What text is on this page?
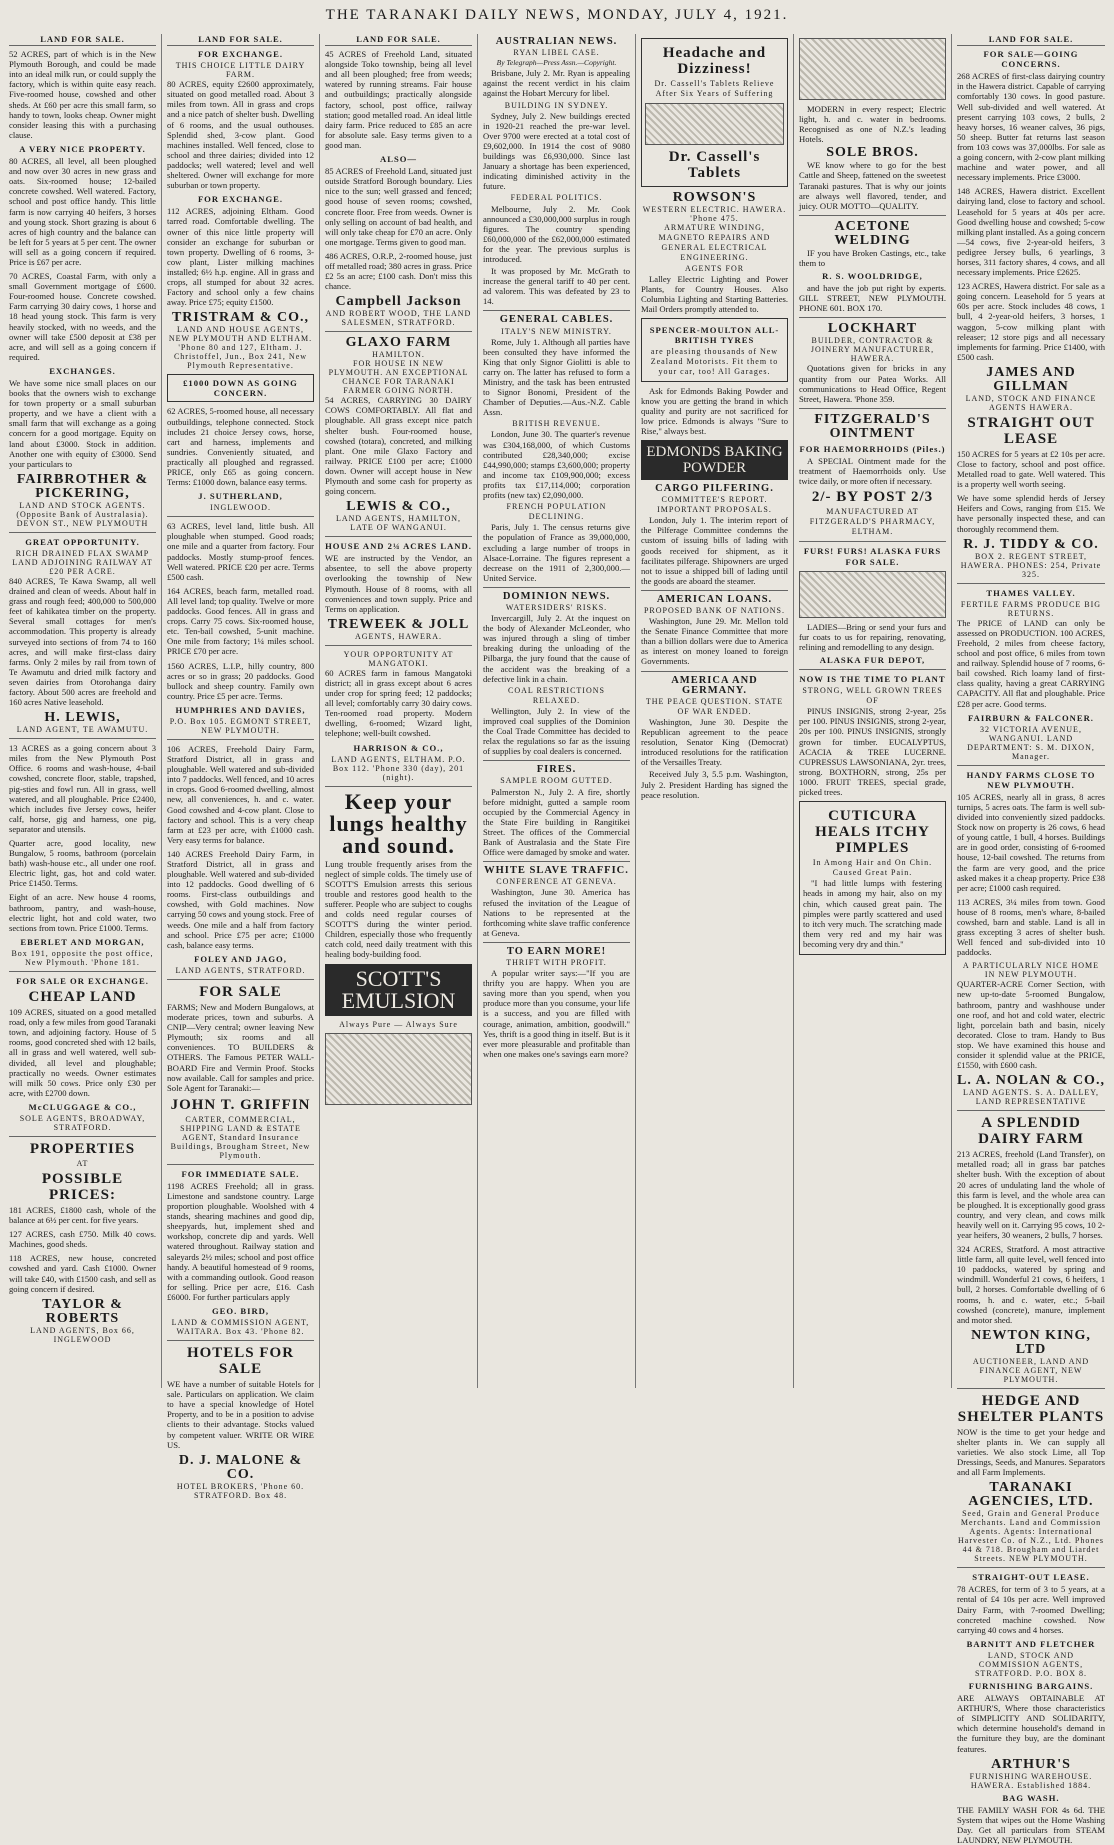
THE TARANAKI DAILY NEWS, MONDAY, JULY 4, 1921.
LAND FOR SALE.
52 ACRES, part of which is in the New Plymouth Borough, and could be made into an ideal milk run, or could supply the factory, which is within quite easy reach. Five-roomed house, cowshed and other sheds. At £60 per acre this small farm, so handy to town, looks cheap. Owner might consider leasing this with a purchasing clause.
A VERY NICE PROPERTY.
80 ACRES, all level, all been ploughed and now over 30 acres in new grass and oats. Six-roomed house; 12-bailed concrete cowshed. Well watered. Factory, school and post office handy. This little farm is now carrying 40 heifers, 3 horses and young stock. Short grazing is about 6 acres of high country and the balance can be left for 5 years at 5 per cent. The owner will sell as a going concern if required. Price is £67 per acre.
70 ACRES, Coastal Farm, with only a small Government mortgage of £600. Four-roomed house. Concrete cowshed. Farm carrying 30 dairy cows, 1 horse and 18 head young stock. This farm is very heavily stocked, with no weeds, and the owner will take £500 deposit at £38 per acre, and will sell as a going concern if required.
EXCHANGES.
We have some nice small places on our books that the owners wish to exchange for town property or a small suburban property, and we have a client with a small farm that will exchange as a going concern for a good mortgage. Equity on land about £3000. Stock in addition. Another one with equity of £3000. Send your particulars to
FAIRBROTHER & PICKERING,
LAND AND STOCK AGENTS. (Opposite Bank of Australasia). DEVON ST., NEW PLYMOUTH
GREAT OPPORTUNITY.
RICH DRAINED FLAX SWAMP LAND ADJOINING RAILWAY AT £20 PER ACRE.
840 ACRES, Te Kawa Swamp, all well drained and clean of weeds. About half in grass and rough feed; 400,000 to 500,000 feet of kahikatea timber on the property. Several small cottages for men's accommodation. This property is already surveyed into sections of from 74 to 160 acres, and will make first-class dairy farms. Only 2 miles by rail from town of Te Awamutu and dried milk factory and seven dairies from Otorohanga dairy factory. About 500 acres are freehold and 160 acres Native leasehold.
H. LEWIS,
LAND AGENT, TE AWAMUTU.
13 ACRES as a going concern about 3 miles from the New Plymouth Post Office. 6 rooms and wash-house, 4-bail cowshed, concrete floor, stable, trapshed, pig-sties and fowl run. All in grass, well watered, and all ploughable. Price £2400, which includes five Jersey cows, heifer calf, horse, gig and harness, one pig, separator and utensils.
Quarter acre, good locality, new Bungalow, 5 rooms, bathroom (porcelain bath) wash-house etc., all under one roof. Electric light, gas, hot and cold water. Price £1450. Terms.
Eight of an acre. New house 4 rooms, bathroom, pantry, and wash-house, electric light, hot and cold water, two sections from town. Price £1000. Terms.
EBERLET AND MORGAN,
Box 191, opposite the post office, New Plymouth. 'Phone 181.
FOR SALE OR EXCHANGE.
CHEAP LAND
109 ACRES, situated on a good metalled road, only a few miles from good Taranaki town, and adjoining factory. House of 5 rooms, good concreted shed with 12 bails, all in grass and well watered, well sub-divided, all level and ploughable; practically no weeds. Owner estimates will milk 50 cows. Price only £30 per acre, with £2700 down.
McCLUGGAGE & CO.,
SOLE AGENTS, BROADWAY, STRATFORD.
PROPERTIES
AT
POSSIBLE PRICES:
181 ACRES, £1800 cash, whole of the balance at 6½ per cent. for five years.
127 ACRES, cash £750. Milk 40 cows. Machines, good sheds.
118 ACRES, new house, concreted cowshed and yard. Cash £1000. Owner will take £40, with £1500 cash, and sell as going concern if desired.
TAYLOR & ROBERTS
LAND AGENTS, Box 66, INGLEWOOD
LAND FOR SALE.
FOR EXCHANGE.
THIS CHOICE LITTLE DAIRY FARM.
80 ACRES, equity £2600 approximately, situated on good metalled road. About 3 miles from town. All in grass and crops and a nice patch of shelter bush. Dwelling of 6 rooms, and the usual outhouses. Splendid shed, 3-cow plant. Good machines installed. Well fenced, close to school and three dairies; divided into 12 paddocks; well watered; level and well sheltered. Owner will exchange for more suburban or town property.
FOR EXCHANGE.
112 ACRES, adjoining Eltham. Good tarred road. Comfortable dwelling. The owner of this nice little property will consider an exchange for suburban or town property. Dwelling of 6 rooms, 3-cow plant, Lister milking machines installed; 6½ h.p. engine. All in grass and crops, all stumped for about 32 acres. Factory and school only a few chains away. Price £75; equity £1500.
TRISTRAM & CO.,
LAND AND HOUSE AGENTS, NEW PLYMOUTH AND ELTHAM. 'Phone 80 and 127, Eltham. J. Christoffel, Jun., Box 241, New Plymouth Representative.
£1000 DOWN AS GOING CONCERN.
62 ACRES, 5-roomed house, all necessary outbuildings, telephone connected. Stock includes 21 choice Jersey cows, horse, cart and harness, implements and sundries. Conveniently situated, and practically all ploughed and regrassed. PRICE, only £65 as going concern. Terms: £1000 down, balance easy terms.
J. SUTHERLAND,
INGLEWOOD.
63 ACRES, level land, little bush. All ploughable when stumped. Good roads; one mile and a quarter from factory. Four paddocks. Mostly stump-proof fences. Well watered. PRICE £20 per acre. Terms £500 cash.
164 ACRES, beach farm, metalled road. All level land; top quality. Twelve or more paddocks. Good fences. All in grass and crops. Carry 75 cows. Six-roomed house, etc. Ten-bail cowshed, 5-unit machine. One mile from factory; 1¼ miles school. PRICE £70 per acre.
1560 ACRES, L.I.P., hilly country, 800 acres or so in grass; 20 paddocks. Good bullock and sheep country. Family own country. Price £5 per acre. Terms.
HUMPHRIES AND DAVIES,
P.O. Box 105. EGMONT STREET, NEW PLYMOUTH.
106 ACRES, Freehold Dairy Farm, Stratford District, all in grass and ploughable. Well watered and sub-divided into 7 paddocks. Well fenced, and 10 acres in crops. Good 6-roomed dwelling, almost new, all conveniences, h. and c. water. Good cowshed and 4-cow plant. Close to factory and school. This is a very cheap farm at £23 per acre, with £1000 cash. Very easy terms for balance.
140 ACRES Freehold Dairy Farm, in Stratford District, all in grass and ploughable. Well watered and sub-divided into 12 paddocks. Good dwelling of 6 rooms. First-class outbuildings and cowshed, with Gold machines. Now carrying 50 cows and young stock. Free of weeds. One mile and a half from factory and school. Price £75 per acre; £1000 cash, balance easy terms.
FOLEY AND JAGO,
LAND AGENTS, STRATFORD.
FOR SALE
FARMS; New and Modern Bungalows, at moderate prices, town and suburbs. A CNIP—Very central; owner leaving New Plymouth; six rooms and all conveniences. TO BUILDERS & OTHERS. The Famous PETER WALL-BOARD Fire and Vermin Proof. Stocks now available. Call for samples and price. Sole Agent for Taranaki:—
JOHN T. GRIFFIN
CARTER, COMMERCIAL, SHIPPING LAND & ESTATE AGENT, Standard Insurance Buildings, Brougham Street, New Plymouth.
FOR IMMEDIATE SALE.
1198 ACRES Freehold; all in grass. Limestone and sandstone country. Large proportion ploughable. Woolshed with 4 stands, shearing machines and good dip, sheepyards, hut, implement shed and workshop, concrete dip and yards. Well watered throughout. Railway station and saleyards 2½ miles; school and post office handy. A beautiful homestead of 9 rooms, with a commanding outlook. Good reason for selling. Price per acre, £16. Cash £6000. For further particulars apply
GEO. BIRD,
LAND & COMMISSION AGENT, WAITARA. Box 43. 'Phone 82.
HOTELS FOR SALE
WE have a number of suitable Hotels for sale. Particulars on application. We claim to have a special knowledge of Hotel Property, and to be in a position to advise clients to their advantage. Stocks valued by competent valuer. WRITE OR WIRE US.
D. J. MALONE & CO.
HOTEL BROKERS, 'Phone 60. STRATFORD. Box 48.
LAND FOR SALE.
45 ACRES of Freehold Land, situated alongside Toko township, being all level and all been ploughed; free from weeds; watered by running streams. Fair house and outbuildings; practically alongside factory, school, post office, railway station; good metalled road. An ideal little dairy farm. Price reduced to £85 an acre for absolute sale. Easy terms given to a good man.
ALSO—
85 ACRES of Freehold Land, situated just outside Stratford Borough boundary. Lies nice to the sun; well grassed and fenced; good house of seven rooms; cowshed, concrete floor. Free from weeds. Owner is only selling on account of bad health, and will only take cheap for £70 an acre. Only one mortgage. Terms given to good man.
486 ACRES, O.R.P., 2-roomed house, just off metalled road; 380 acres in grass. Price £2 5s an acre; £100 cash. Don't miss this chance.
Campbell Jackson
AND ROBERT WOOD, THE LAND SALESMEN, STRATFORD.
GLAXO FARM
HAMILTON.
FOR HOUSE IN NEW PLYMOUTH. AN EXCEPTIONAL CHANCE FOR TARANAKI FARMER GOING NORTH.
54 ACRES, CARRYING 30 DAIRY COWS COMFORTABLY. All flat and ploughable. All grass except nice patch shelter bush. Four-roomed house, cowshed (totara), concreted, and milking plant. One mile Glaxo Factory and railway. PRICE £100 per acre; £1000 down. Owner will accept house in New Plymouth and some cash for property as going concern.
LEWIS & CO.,
LAND AGENTS, HAMILTON, LATE OF WANGANUI.
HOUSE AND 2¼ ACRES LAND.
WE are instructed by the Vendor, an absentee, to sell the above property overlooking the township of New Plymouth. House of 8 rooms, with all conveniences and town supply. Price and Terms on application.
TREWEEK & JOLL
AGENTS, HAWERA.
YOUR OPPORTUNITY AT MANGATOKI.
60 ACRES farm in famous Mangatoki district; all in grass except about 6 acres under crop for spring feed; 12 paddocks; all level; comfortably carry 30 dairy cows. Ten-roomed road property. Modern dwelling, 6-roomed; Wizard light, telephone; well-built cowshed.
HARRISON & CO.,
LAND AGENTS, ELTHAM. P.O. Box 112. 'Phone 330 (day), 201 (night).
Keep your lungs healthy and sound.
Lung trouble frequently arises from the neglect of simple colds. The timely use of SCOTT'S Emulsion arrests this serious trouble and restores good health to the sufferer. People who are subject to coughs and colds need regular courses of SCOTT'S during the winter period. Children, especially those who frequently catch cold, need daily treatment with this healing body-building food.
SCOTT'S EMULSION
Always Pure — Always Sure
AUSTRALIAN NEWS.
RYAN LIBEL CASE.
By Telegraph—Press Assn.—Copyright.

Brisbane, July 2. Mr. Ryan is appealing against the recent verdict in his claim against the Hobart Mercury for libel.

BUILDING IN SYDNEY.

Sydney, July 2. New buildings erected in 1920-21 reached the pre-war level. Over 9700 were erected at a total cost of £9,602,000. In 1914 the cost of 9080 buildings was £6,930,000. Since last January a shortage has been experienced, indicating diminished activity in the future.

FEDERAL POLITICS.

Melbourne, July 2. Mr. Cook announced a £30,000,000 surplus in rough figures. The country spending £60,000,000 of the £62,000,000 estimated for the year. The previous surplus is introduced.

It was proposed by Mr. McGrath to increase the general tariff to 40 per cent. ad valorem. This was defeated by 23 to 14.

GENERAL CABLES.
ITALY'S NEW MINISTRY.

Rome, July 1. Although all parties have been consulted they have informed the King that only Signor Giolitti is able to carry on. The latter has refused to form a Ministry, and the task has been entrusted to Signor Bonomi, President of the Chamber of Deputies.—Aus.-N.Z. Cable Assn.

BRITISH REVENUE.

London, June 30. The quarter's revenue was £304,168,000, of which Customs contributed £28,340,000; excise £44,990,000; stamps £3,600,000; property and income tax £109,900,000; excess profits tax £17,114,000; corporation profits (new tax) £2,090,000.

FRENCH POPULATION DECLINING.

Paris, July 1. The census returns give the population of France as 39,000,000, excluding a large number of troops in Alsace-Lorraine. The figures represent a decrease on the 1911 of 2,300,000.—United Service.

DOMINION NEWS.
WATERSIDERS' RISKS.

Invercargill, July 2. At the inquest on the body of Alexander McLeonder, who was injured through a sling of timber breaking during the unloading of the Pilbarga, the jury found that the cause of the accident was the breaking of a defective link in a chain.

COAL RESTRICTIONS RELAXED.

Wellington, July 2. In view of the improved coal supplies of the Dominion the Coal Trade Committee has decided to relax the regulations so far as the issuing of supplies by coal dealers is concerned.

FIRES.
SAMPLE ROOM GUTTED.

Palmerston N., July 2. A fire, shortly before midnight, gutted a sample room occupied by the Commercial Agency in the State Fire building in Rangitikei Street. The offices of the Commercial Bank of Australasia and the State Fire Office were damaged by smoke and water.

WHITE SLAVE TRAFFIC.
CONFERENCE AT GENEVA.

Washington, June 30. America has refused the invitation of the League of Nations to be represented at the forthcoming white slave traffic conference at Geneva.

TO EARN MORE!
THRIFT WITH PROFIT.

A popular writer says:—"If you are thrifty you are happy. When you are saving more than you spend, when you produce more than you consume, your life is a success, and you are filled with courage, animation, ambition, goodwill." Yes, thrift is a good thing in itself. But is it ever more pleasurable and profitable than when one makes one's savings earn more?

Headache and Dizziness!
Dr. Cassell's Tablets Relieve After Six Years of Suffering
Dr. Cassell's Tablets
ROWSON'S
WESTERN ELECTRIC. HAWERA. 'Phone 475.
ARMATURE WINDING, MAGNETO REPAIRS AND GENERAL ELECTRICAL ENGINEERING.
AGENTS FOR

Lalley Electric Lighting and Power Plants, for Country Houses. Also Columbia Lighting and Starting Batteries. Mail Orders promptly attended to.

SPENCER-MOULTON ALL-BRITISH TYRES
are pleasing thousands of New Zealand Motorists. Fit them to your car, too! All Garages.

Ask for Edmonds Baking Powder and know you are getting the brand in which quality and purity are not sacrificed for low price. Edmonds is always "Sure to Rise," always best.

EDMONDS BAKING POWDER
CARGO PILFERING.
COMMITTEE'S REPORT. IMPORTANT PROPOSALS.

London, July 1. The interim report of the Pilferage Committee condemns the custom of issuing bills of lading with goods received for shipment, as it facilitates pilferage. Shipowners are urged not to issue a shipped bill of lading until the goods are aboard the steamer.

AMERICAN LOANS.
PROPOSED BANK OF NATIONS.

Washington, June 29. Mr. Mellon told the Senate Finance Committee that more than a billion dollars were due to America as interest on money loaned to foreign Governments.

AMERICA AND GERMANY.
THE PEACE QUESTION. STATE OF WAR ENDED.

Washington, June 30. Despite the Republican agreement to the peace resolution, Senator King (Democrat) introduced resolutions for the ratification of the Versailles Treaty.

Received July 3, 5.5 p.m. Washington, July 2. President Harding has signed the peace resolution.

MODERN in every respect; Electric light, h. and c. water in bedrooms. Recognised as one of N.Z.'s leading Hotels.

SOLE BROS.

WE know where to go for the best Cattle and Sheep, fattened on the sweetest Taranaki pastures. That is why our joints are always well flavored, tender, and juicy. OUR MOTTO—QUALITY.

ACETONE WELDING

IF you have Broken Castings, etc., take them to

R. S. WOOLDRIDGE,

and have the job put right by experts. GILL STREET, NEW PLYMOUTH. PHONE 601. BOX 170.

LOCKHART
BUILDER, CONTRACTOR & JOINERY MANUFACTURER, HAWERA.

Quotations given for bricks in any quantity from our Patea Works. All communications to Head Office, Regent Street, Hawera. 'Phone 359.

FITZGERALD'S OINTMENT
FOR HAEMORRHOIDS (Piles.)

A SPECIAL Ointment made for the treatment of Haemorrhoids only. Use twice daily, or more often if necessary.

2/- BY POST 2/3
MANUFACTURED AT FITZGERALD'S PHARMACY, ELTHAM.
FURS! FURS! ALASKA FURS FOR SALE.

LADIES—Bring or send your furs and fur coats to us for repairing, renovating, relining and remodelling to any design.

ALASKA FUR DEPOT,
NOW IS THE TIME TO PLANT
STRONG, WELL GROWN TREES OF

PINUS INSIGNIS, strong 2-year, 25s per 100. PINUS INSIGNIS, strong 2-year, 20s per 100. PINUS INSIGNIS, strongly grown for timber. EUCALYPTUS, ACACIA & TREE LUCERNE. CUPRESSUS LAWSONIANA, 2yr. trees, strong. BOXTHORN, strong, 25s per 1000. FRUIT TREES, special grade, picked trees.

CUTICURA HEALS ITCHY PIMPLES
In Among Hair and On Chin. Caused Great Pain.

"I had little lumps with festering heads in among my hair, also on my chin, which caused great pain. The pimples were partly scattered and used to itch very much. The scratching made them very red and my hair was becoming very dry and thin."

LAND FOR SALE.
FOR SALE—GOING CONCERNS.
268 ACRES of first-class dairying country in the Hawera district. Capable of carrying comfortably 130 cows. In good pasture. Well sub-divided and well watered. At present carrying 103 cows, 2 bulls, 2 heavy horses, 16 weaner calves, 36 pigs, 50 sheep. Butter fat returns last season from 103 cows was 37,000lbs. For sale as a going concern, with 2-cow plant milking machine and water power, and all necessary implements. Price £3000.
148 ACRES, Hawera district. Excellent dairying land, close to factory and school. Leasehold for 5 years at 40s per acre. Good dwelling house and cowshed; 5-cow milking plant installed. As a going concern—54 cows, five 2-year-old heifers, 3 pedigree Jersey bulls, 6 yearlings, 3 horses, 311 factory shares, 4 cows, and all necessary implements. Price £2625.
123 ACRES, Hawera district. For sale as a going concern. Leasehold for 5 years at 60s per acre. Stock includes 48 cows, 1 bull, 4 2-year-old heifers, 3 horses, 1 waggon, 5-cow milking plant with releaser; 12 store pigs and all necessary implements for farming. Price £1400, with £500 cash.
JAMES AND GILLMAN
LAND, STOCK AND FINANCE AGENTS HAWERA.
STRAIGHT OUT LEASE
150 ACRES for 5 years at £2 10s per acre. Close to factory, school and post office. Metalled road to gate. Well watered. This is a property well worth seeing.
We have some splendid herds of Jersey Heifers and Cows, ranging from £15. We have personally inspected these, and can thoroughly recommend them.
R. J. TIDDY & CO.
BOX 2. REGENT STREET, HAWERA. PHONES: 254, Private 325.
THAMES VALLEY.
FERTILE FARMS PRODUCE BIG RETURNS.
The PRICE of LAND can only be assessed on PRODUCTION. 100 ACRES, Freehold, 2 miles from cheese factory, school and post office, 6 miles from town and railway. Splendid house of 7 rooms, 6-bail cowshed. Rich loamy land of first-class quality, having a great CARRYING CAPACITY. All flat and ploughable. Price £28 per acre. Good terms.
FAIRBURN & FALCONER.
32 VICTORIA AVENUE, WANGANUI. LAND DEPARTMENT: S. M. DIXON, Manager.
HANDY FARMS CLOSE TO NEW PLYMOUTH.
105 ACRES, nearly all in grass, 8 acres turnips, 5 acres oats. The farm is well sub-divided into conveniently sized paddocks. Stock now on property is 26 cows, 6 head of young cattle, 1 bull, 4 horses. Buildings are in good order, consisting of 6-roomed house, 12-bail cowshed. The returns from the farm are very good, and the price asked makes it a cheap property. Price £38 per acre; £1000 cash required.
113 ACRES, 3¼ miles from town. Good house of 8 rooms, men's whare, 8-bailed cowshed, barn and stable. Land is all in grass excepting 3 acres of shelter bush. Well fenced and sub-divided into 10 paddocks.
A PARTICULARLY NICE HOME IN NEW PLYMOUTH.
QUARTER-ACRE Corner Section, with new up-to-date 5-roomed Bungalow, bathroom, pantry and washhouse under one roof, and hot and cold water, electric light, porcelain bath and basin, nicely decorated. Close to tram. Handy to Bus stop. We have examined this house and consider it splendid value at the PRICE, £1550, with £600 cash.
L. A. NOLAN & CO.,
LAND AGENTS. S. A. DALLEY, LAND REPRESENTATIVE
A SPLENDID DAIRY FARM
213 ACRES, freehold (Land Transfer), on metalled road; all in grass bar patches shelter bush. With the exception of about 20 acres of undulating land the whole of this farm is level, and the whole area can be ploughed. It is exceptionally good grass country, and very clean, and cows milk heavily well on it. Carrying 95 cows, 10 2-year heifers, 30 weaners, 2 bulls, 7 horses.
324 ACRES, Stratford. A most attractive little farm, all quite level, well fenced into 10 paddocks, watered by spring and windmill. Wonderful 21 cows, 6 heifers, 1 bull, 2 horses. Comfortable dwelling of 6 rooms, h. and c. water, etc.; 5-bail cowshed (concrete), manure, implement and motor shed.
NEWTON KING, LTD
AUCTIONEER, LAND AND FINANCE AGENT, NEW PLYMOUTH.
HEDGE AND SHELTER PLANTS
NOW is the time to get your hedge and shelter plants in. We can supply all varieties. We also stock Lime, all Top Dressings, Seeds, and Manures. Separators and all Farm Implements.
TARANAKI AGENCIES, LTD.
Seed, Grain and General Produce Merchants. Land and Commission Agents. Agents: International Harvester Co. of N.Z., Ltd. Phones 44 & 718. Brougham and Liardet Streets. NEW PLYMOUTH.
STRAIGHT-OUT LEASE.
78 ACRES, for term of 3 to 5 years, at a rental of £4 10s per acre. Well improved Dairy Farm, with 7-roomed Dwelling; concreted machine cowshed. Now carrying 40 cows and 4 horses.
BARNITT AND FLETCHER
LAND, STOCK AND COMMISSION AGENTS, STRATFORD. P.O. BOX 8.
FURNISHING BARGAINS.
ARE ALWAYS OBTAINABLE AT ARTHUR'S, Where those characteristics of SIMPLICITY AND SOLIDARITY, which determine household's demand in the furniture they buy, are the dominant features.
ARTHUR'S
FURNISHING WAREHOUSE. HAWERA. Established 1884.
BAG WASH.
THE FAMILY WASH FOR 4s 6d. THE System that wipes out the Home Washing Day. Get all particulars from STEAM LAUNDRY, NEW PLYMOUTH.
